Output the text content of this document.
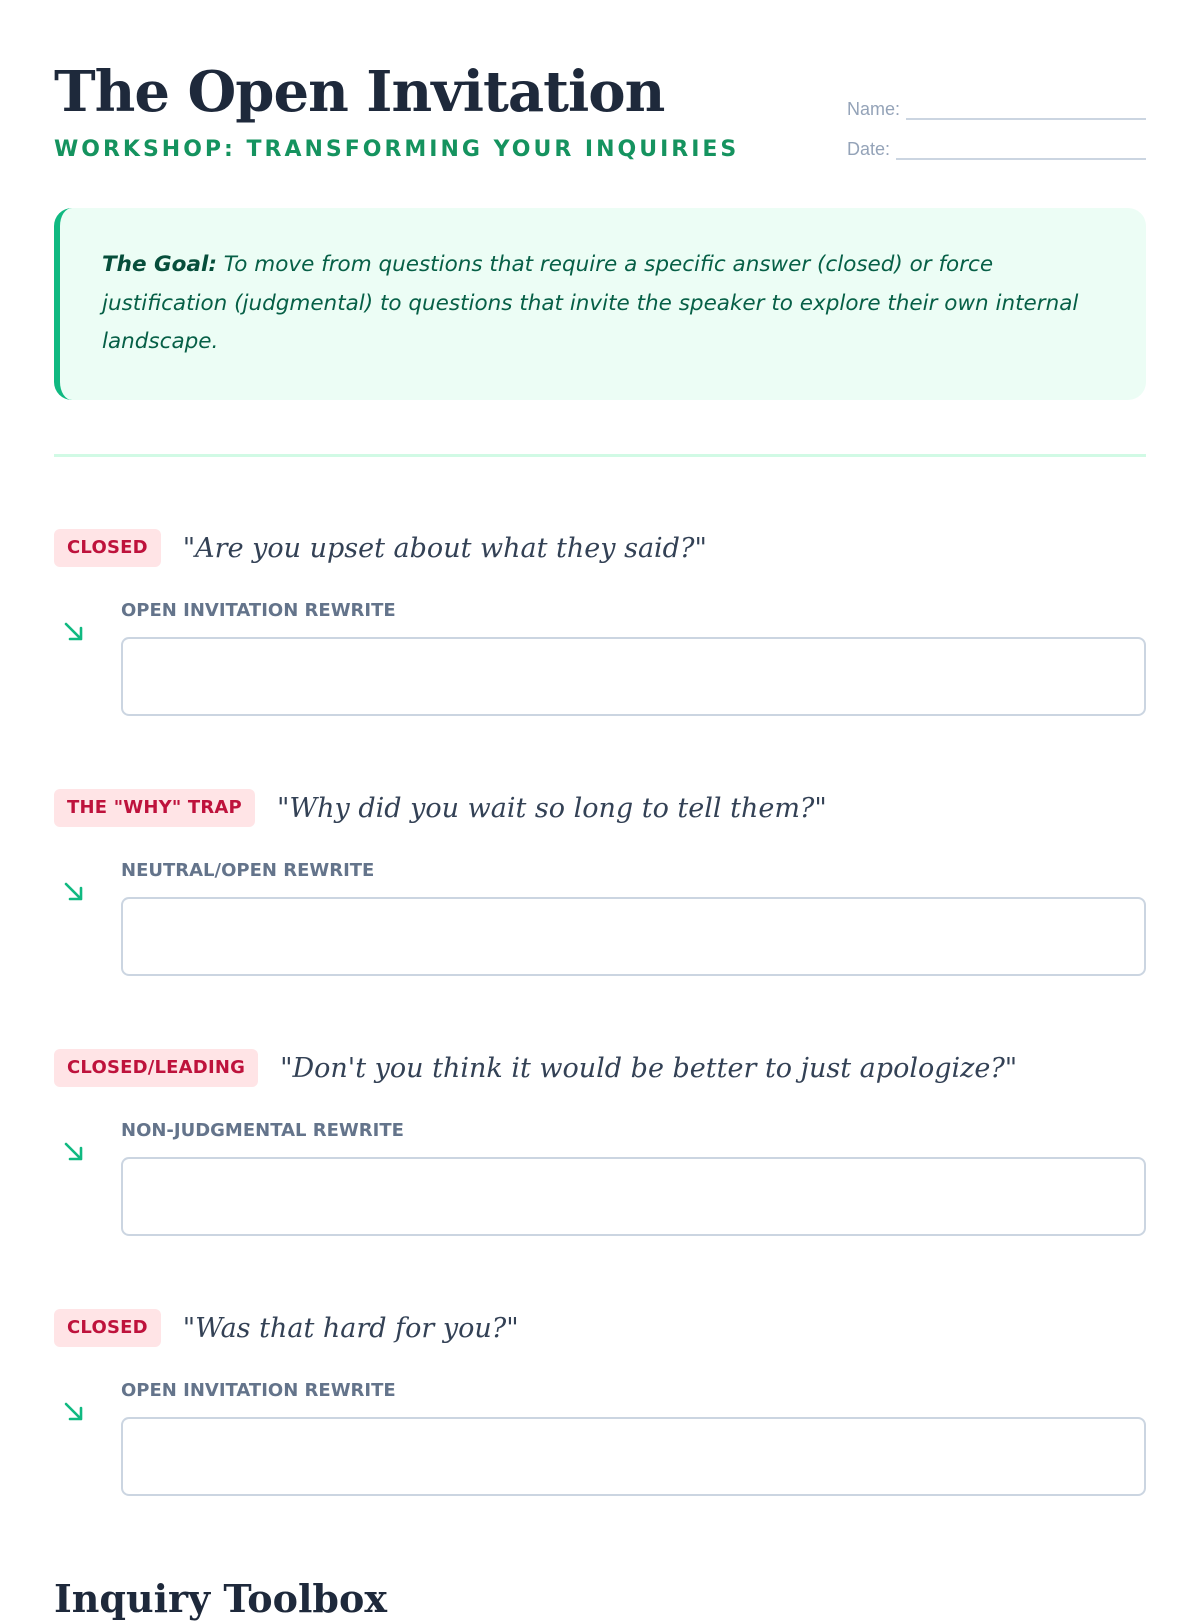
The Open Invitation
WORKSHOP: TRANSFORMING YOUR INQUIRIES
Name:
Date:

The Goal: To move from questions that require a specific answer (closed) or force justification (judgmental) to questions that invite the speaker to explore their own internal landscape.

CLOSED	"Are you upset about what they said?"
OPEN INVITATION REWRITE
THE "WHY" TRAP	"Why did you wait so long to tell them?"
NEUTRAL/OPEN REWRITE
CLOSED/LEADING	"Don't you think it would be better to just apologize?"
NON-JUDGMENTAL REWRITE
CLOSED	"Was that hard for you?"
OPEN INVITATION REWRITE
Inquiry Toolbox
